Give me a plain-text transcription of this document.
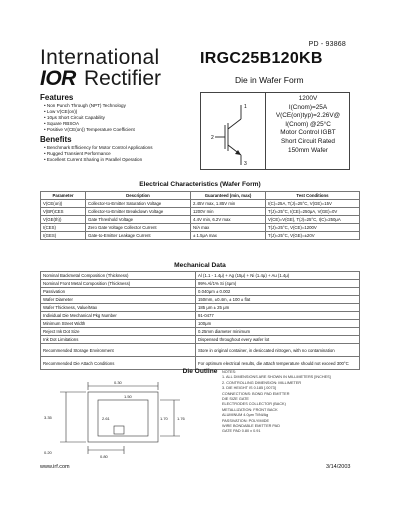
PD - 93868
International
IOR Rectifier
IRGC25B120KB
Die in Wafer Form
Features
• Non Punch Through (NPT) Technology
• Low V(CE(on))
• 10μs Short Circuit Capability
• Square RBSOA
• Positive V(CE(on)) Temperature Coefficient
Benefits
• Benchmark Efficiency for Motor Control Applications
• Rugged Transient Performance
• Excellent Current Sharing in Parallel Operation
2
1
3
1200V
I(Cnom)=25A
V(CE(on)typ)=2.26V@
I(Cnom) @25°C
Motor Control IGBT
Short Circuit Rated
150mm Wafer
Electrical Characteristics (Wafer Form)
Parameter	Description	Guaranteed (min, max)	Test Conditions
V(CE(on))	Collector-to-Emitter Saturation Voltage	2.45V max, 1.85V min	I(C)=25A, T(J)=25°C, V(GE)=15V
V(BR)CES	Collector-to-Emitter Breakdown Voltage	1200V min	T(J)=25°C, I(CE)=250μA, V(GE)=0V
V(GE(th))	Gate Threshold Voltage	4.4V min, 6.2V max	V(CE)=V(GE), T(J)=25°C, I(C)=250μA
I(CES)	Zero Gate Voltage Collector Current	N/A max	T(J)=25°C, V(CE)=1200V
I(GES)	Gate-to-Emitter Leakage Current	± 1.5μA max	T(J)=25°C, V(GE)=±20V
Mechanical Data
Nominal Backmetal Composition (Thickness)	Al (1.1 - 1.4μ) + Ag (15μ) + Ni (1.4μ) + Au (1.4μ)
Nominal Front Metal Composition (Thickness)	99% Al/1% Si (4μm)
Passivation	0.040μm ± 0.002
Wafer Diameter	150mm, ±0.4m, ± 100 ± flat
Wafer Thickness, Value/Max	185 μm ± 25 μm
Individual Die Mechanical Pkg Number	91-0477
Minimum Street Width	100μm
Reject Ink Dot Size	0.25mm diameter minimum
Ink Dot Limitations	Dispensed throughout every wafer lot
Recommended Storage Environment	Store in original container, in desiccated nitrogen, with no contamination
Recommended Die Attach Conditions	For optimum electrical results, die attach temperature should not exceed 300°C
Die Outline
0.30
1.50
3.35	2.61	1.76
1.70
0.80
0.20
NOTES:
1. ALL DIMENSIONS ARE SHOWN IN MILLIMETERS [INCHES]
2. CONTROLLING DIMENSION: MILLIMETER
3. DIE HEIGHT IS 0.185 [.0073]
CONNECTIONS: BOND PAD EMITTER
DIE SIZE GATE
ELECTRODES COLLECTOR (BACK)
METALLIZATION: FRONT BACK
ALUMINUM 4.0μm Ti/Ni/Ag
PASSIVATION: POLYIMIDE
WIRE BONDABLE EMITTER PAD
GATE PAD 0.80 x 0.91
www.irf.com	3/14/2003
